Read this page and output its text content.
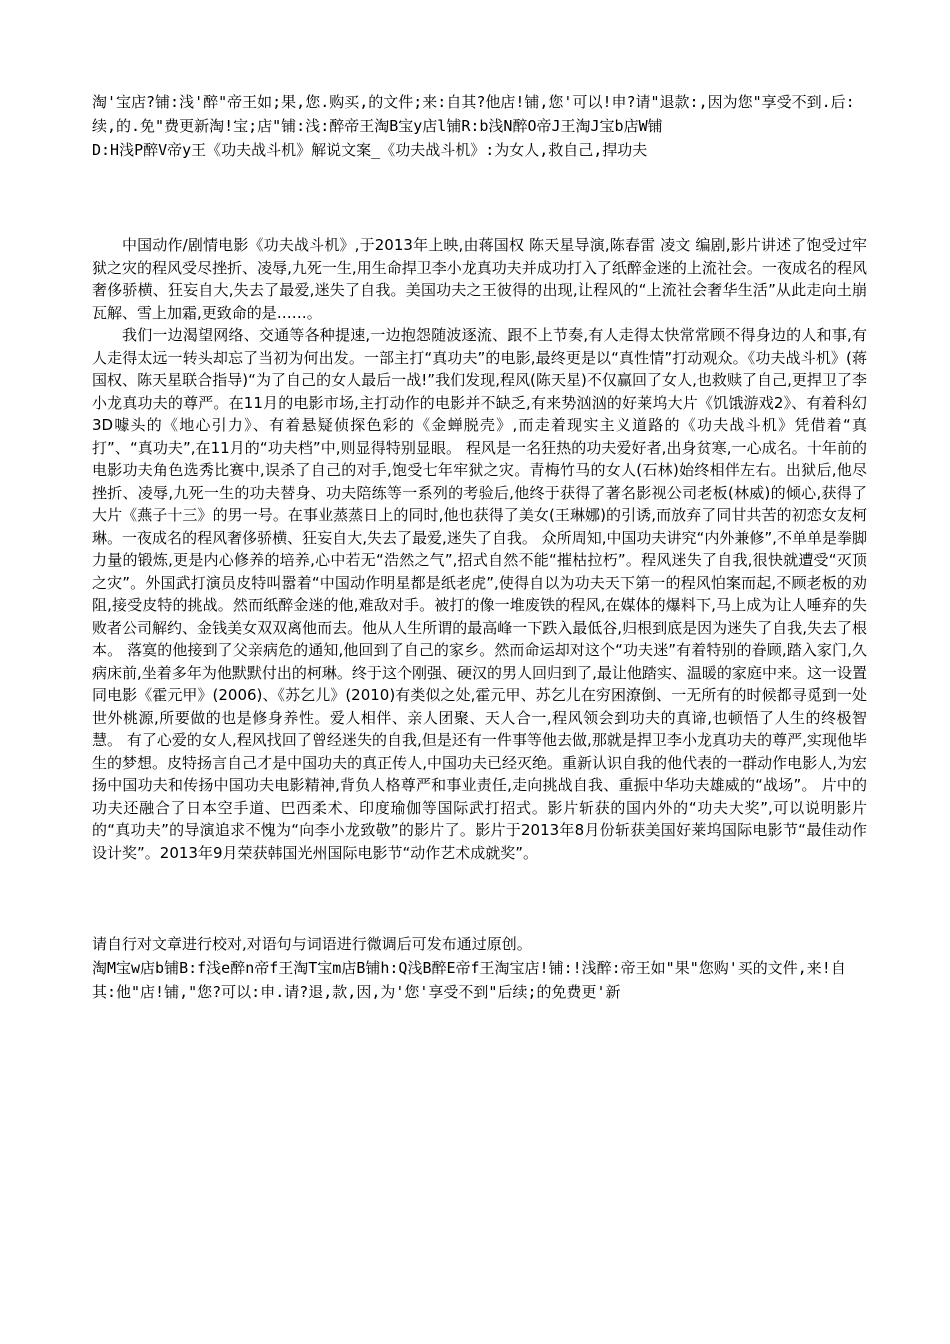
淘'宝店?铺:浅'醉"帝王如;果,您.购买,的文件;来:自其?他店!铺,您'可以!申?请"退款:,因为您"享受不到.后:续,的.免"费更新淘!宝;店"铺:浅:醉帝王淘B宝y店l铺R:b浅N醉O帝J王淘J宝b店W铺

D:H浅P醉V帝y王《功夫战斗机》解说文案_《功夫战斗机》:为女人,救自己,捍功夫

中国动作/剧情电影《功夫战斗机》,于2013年上映,由蒋国权 陈天星导演,陈春雷 凌文 编剧,影片讲述了饱受过牢狱之灾的程风受尽挫折、凌辱,九死一生,用生命捍卫李小龙真功夫并成功打入了纸醉金迷的上流社会。一夜成名的程风奢侈骄横、狂妄自大,失去了最爱,迷失了自我。美国功夫之王彼得的出现,让程风的“上流社会奢华生活”从此走向土崩瓦解、雪上加霜,更致命的是……。

我们一边渴望网络、交通等各种提速,一边抱怨随波逐流、跟不上节奏,有人走得太快常常顾不得身边的人和事,有人走得太远一转头却忘了当初为何出发。一部主打“真功夫”的电影,最终更是以“真性情”打动观众。《功夫战斗机》(蒋国权、陈天星联合指导)“为了自己的女人最后一战!”我们发现,程风(陈天星)不仅赢回了女人,也救赎了自己,更捍卫了李小龙真功夫的尊严。在11月的电影市场,主打动作的电影并不缺乏,有来势汹汹的好莱坞大片《饥饿游戏2》、有着科幻3D噱头的《地心引力》、有着悬疑侦探色彩的《金蝉脱壳》,而走着现实主义道路的《功夫战斗机》凭借着“真打”、“真功夫”,在11月的“功夫档”中,则显得特别显眼。 程风是一名狂热的功夫爱好者,出身贫寒,一心成名。十年前的电影功夫角色选秀比赛中,误杀了自己的对手,饱受七年牢狱之灾。青梅竹马的女人(石林)始终相伴左右。出狱后,他尽挫折、凌辱,九死一生的功夫替身、功夫陪练等一系列的考验后,他终于获得了著名影视公司老板(林威)的倾心,获得了大片《燕子十三》的男一号。在事业蒸蒸日上的同时,他也获得了美女(王琳娜)的引诱,而放弃了同甘共苦的初恋女友柯琳。一夜成名的程风奢侈骄横、狂妄自大,失去了最爱,迷失了自我。 众所周知,中国功夫讲究“内外兼修”,不单单是拳脚力量的锻炼,更是内心修养的培养,心中若无“浩然之气”,招式自然不能“摧枯拉朽”。程风迷失了自我,很快就遭受“灭顶之灾”。外国武打演员皮特叫嚣着“中国动作明星都是纸老虎”,使得自以为功夫天下第一的程风怕案而起,不顾老板的劝阻,接受皮特的挑战。然而纸醉金迷的他,难敌对手。被打的像一堆废铁的程风,在媒体的爆料下,马上成为让人唾弃的失败者公司解约、金钱美女双双离他而去。他从人生所谓的最高峰一下跌入最低谷,归根到底是因为迷失了自我,失去了根本。 落寞的他接到了父亲病危的通知,他回到了自己的家乡。然而命运却对这个“功夫迷”有着特别的眷顾,踏入家门,久病床前,坐着多年为他默默付出的柯琳。终于这个刚强、硬汉的男人回归到了,最让他踏实、温暖的家庭中来。这一设置同电影《霍元甲》(2006)、《苏乞儿》(2010)有类似之处,霍元甲、苏乞儿在穷困潦倒、一无所有的时候都寻觅到一处世外桃源,所要做的也是修身养性。爱人相伴、亲人团聚、天人合一,程风领会到功夫的真谛,也顿悟了人生的终极智慧。 有了心爱的女人,程风找回了曾经迷失的自我,但是还有一件事等他去做,那就是捍卫李小龙真功夫的尊严,实现他毕生的梦想。皮特扬言自己才是中国功夫的真正传人,中国功夫已经灭绝。重新认识自我的他代表的一群动作电影人,为宏扬中国功夫和传扬中国功夫电影精神,背负人格尊严和事业责任,走向挑战自我、重振中华功夫雄威的“战场”。 片中的功夫还融合了日本空手道、巴西柔术、印度瑜伽等国际武打招式。影片斩获的国内外的“功夫大奖”,可以说明影片的“真功夫”的导演追求不愧为“向李小龙致敬”的影片了。影片于2013年8月份斩获美国好莱坞国际电影节“最佳动作设计奖”。2013年9月荣获韩国光州国际电影节“动作艺术成就奖”。

请自行对文章进行校对,对语句与词语进行微调后可发布通过原创。

淘M宝w店b铺B:f浅e醉n帝f王淘T宝m店B铺h:Q浅B醉E帝f王淘宝店!铺:!浅醉:帝王如"果"您购'买的文件,来!自其:他"店!铺,"您?可以:申.请?退,款,因,为'您'享受不到"后续;的免费更'新
